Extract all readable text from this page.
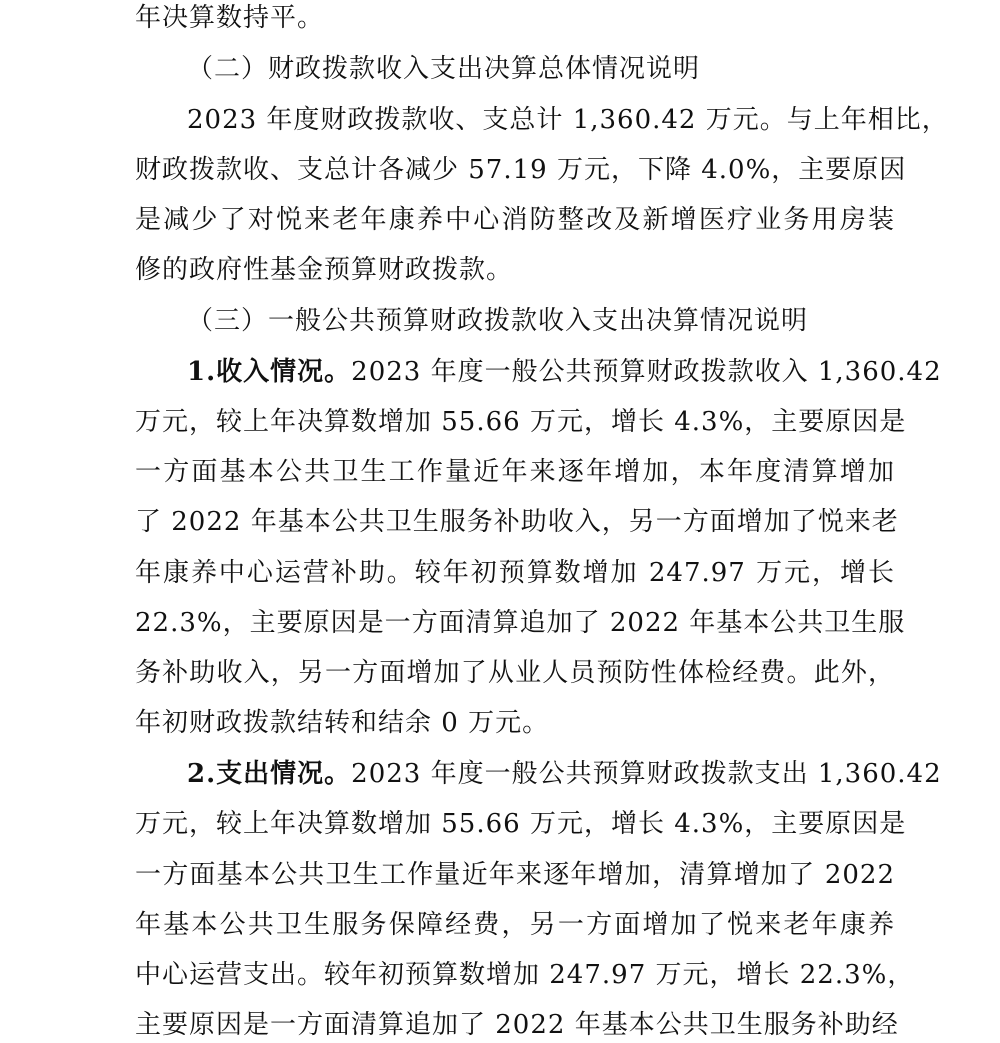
年决算数持平。
（二）财政拨款收入支出决算总体情况说明
2023 年度财政拨款收、支总计 1,360.42 万元。与上年相比，
财政拨款收、支总计各减少 57.19 万元，下降 4.0%，主要原因
是减少了对悦来老年康养中心消防整改及新增医疗业务用房装
修的政府性基金预算财政拨款。
（三）一般公共预算财政拨款收入支出决算情况说明
1.收入情况。2023 年度一般公共预算财政拨款收入 1,360.42
万元，较上年决算数增加 55.66 万元，增长 4.3%，主要原因是
一方面基本公共卫生工作量近年来逐年增加，本年度清算增加
了 2022 年基本公共卫生服务补助收入，另一方面增加了悦来老
年康养中心运营补助。较年初预算数增加 247.97 万元，增长
22.3%，主要原因是一方面清算追加了 2022 年基本公共卫生服
务补助收入，另一方面增加了从业人员预防性体检经费。此外，
年初财政拨款结转和结余 0 万元。
2.支出情况。2023 年度一般公共预算财政拨款支出 1,360.42
万元，较上年决算数增加 55.66 万元，增长 4.3%，主要原因是
一方面基本公共卫生工作量近年来逐年增加，清算增加了 2022
年基本公共卫生服务保障经费，另一方面增加了悦来老年康养
中心运营支出。较年初预算数增加 247.97 万元，增长 22.3%，
主要原因是一方面清算追加了 2022 年基本公共卫生服务补助经
